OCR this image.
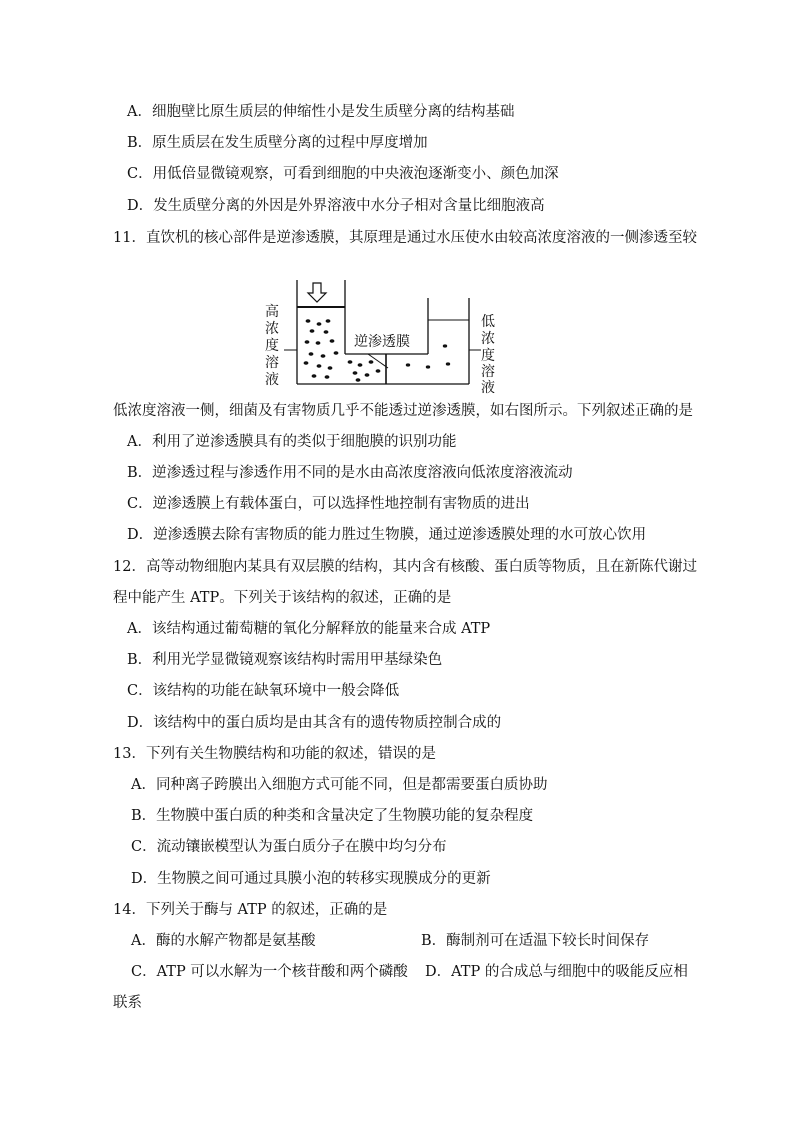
A．细胞壁比原生质层的伸缩性小是发生质壁分离的结构基础
B．原生质层在发生质壁分离的过程中厚度增加
C．用低倍显微镜观察，可看到细胞的中央液泡逐渐变小、颜色加深
D．发生质壁分离的外因是外界溶液中水分子相对含量比细胞液高
11．直饮机的核心部件是逆渗透膜，其原理是通过水压使水由较高浓度溶液的一侧渗透至较
高
浓
度
溶
液
逆渗透膜
低
浓
度
溶
液
低浓度溶液一侧，细菌及有害物质几乎不能透过逆渗透膜，如右图所示。下列叙述正确的是
A．利用了逆渗透膜具有的类似于细胞膜的识别功能
B．逆渗透过程与渗透作用不同的是水由高浓度溶液向低浓度溶液流动
C．逆渗透膜上有载体蛋白，可以选择性地控制有害物质的进出
D．逆渗透膜去除有害物质的能力胜过生物膜，通过逆渗透膜处理的水可放心饮用
12．高等动物细胞内某具有双层膜的结构，其内含有核酸、蛋白质等物质，且在新陈代谢过
程中能产生 ATP。下列关于该结构的叙述，正确的是
A．该结构通过葡萄糖的氧化分解释放的能量来合成 ATP
B．利用光学显微镜观察该结构时需用甲基绿染色
C．该结构的功能在缺氧环境中一般会降低
D．该结构中的蛋白质均是由其含有的遗传物质控制合成的
13．下列有关生物膜结构和功能的叙述，错误的是
A．同种离子跨膜出入细胞方式可能不同，但是都需要蛋白质协助
B．生物膜中蛋白质的种类和含量决定了生物膜功能的复杂程度
C．流动镶嵌模型认为蛋白质分子在膜中均匀分布
D．生物膜之间可通过具膜小泡的转移实现膜成分的更新
14．下列关于酶与 ATP 的叙述，正确的是
A．酶的水解产物都是氨基酸	B．酶制剂可在适温下较长时间保存
C．ATP 可以水解为一个核苷酸和两个磷酸 D．ATP 的合成总与细胞中的吸能反应相
联系
